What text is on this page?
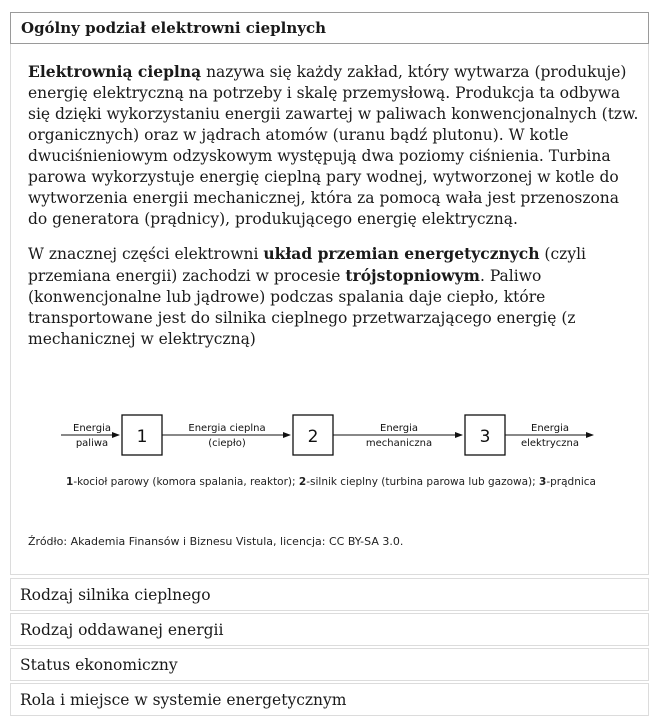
Ogólny podział elektrowni cieplnych

Elektrownią cieplną nazywa się każdy zakład, który wytwarza (produkuje) energię elektryczną na potrzeby i skalę przemysłową. Produkcja ta odbywa się dzięki wykorzystaniu energii zawartej w paliwach konwencjonalnych (tzw. organicznych) oraz w jądrach atomów (uranu bądź plutonu). W kotle dwuciśnieniowym odzyskowym występują dwa poziomy ciśnienia. Turbina parowa wykorzystuje energię cieplną pary wodnej, wytworzonej w kotle do wytworzenia energii mechanicznej, która za pomocą wała jest przenoszona do generatora (prądnicy), produkującego energię elektryczną.

W znacznej części elektrowni układ przemian energetycznych (czyli przemiana energii) zachodzi w procesie trójstopniowym. Paliwo (konwencjonalne lub jądrowe) podczas spalania daje ciepło, które transportowane jest do silnika cieplnego przetwarzającego energię (z mechanicznej w elektryczną)

Energia
paliwa 1	Energia cieplna
(ciepło)	2	Energia
mechaniczna	3	Energia
elektryczna
1-kocioł parowy (komora spalania, reaktor); 2-silnik cieplny (turbina parowa lub gazowa); 3-prądnica
Źródło: Akademia Finansów i Biznesu Vistula, licencja: CC BY-SA 3.0.
Rodzaj silnika cieplnego
Rodzaj oddawanej energii
Status ekonomiczny
Rola i miejsce w systemie energetycznym
